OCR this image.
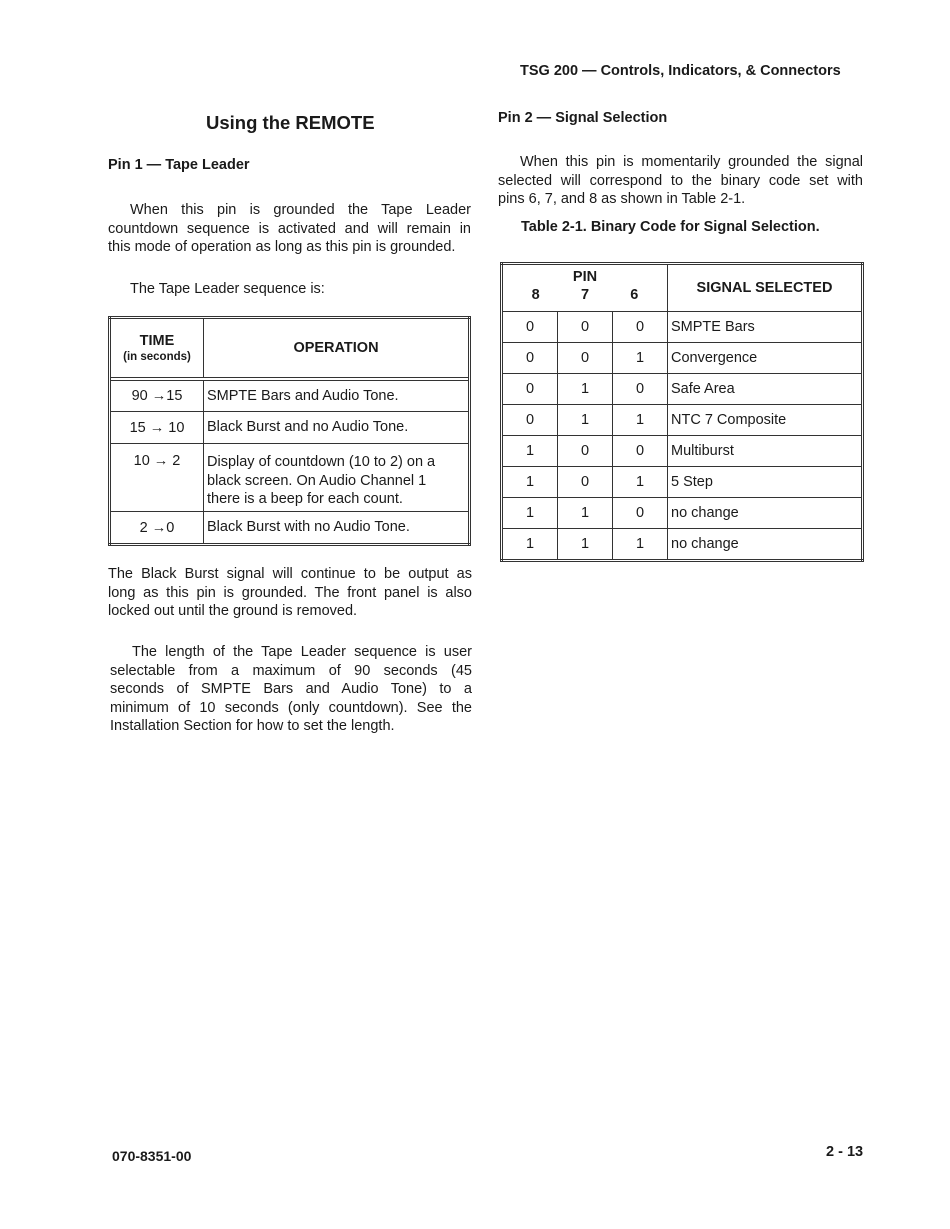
TSG 200 — Controls, Indicators, & Connectors
Using the REMOTE
Pin 1 — Tape Leader
When this pin is grounded the Tape Leader
countdown sequence is activated and will remain in
this mode of operation as long as this pin is grounded.
The Tape Leader sequence is:
TIME
(in seconds)	OPERATION

90 →15	SMPTE Bars and Audio Tone.
15 → 10	Black Burst and no Audio Tone.
10 → 2	Display of countdown (10 to 2) on a
black screen. On Audio Channel 1
there is a beep for each count.

2 →0	Black Burst with no Audio Tone.
The Black Burst signal will continue to be output as
long as this pin is grounded. The front panel is also
locked out until the ground is removed.
The length of the Tape Leader sequence is user
selectable from a maximum of 90 seconds (45
seconds of SMPTE Bars and Audio Tone) to a
minimum of 10 seconds (only countdown). See the
Installation Section for how to set the length.
Pin 2 — Signal Selection
When this pin is momentarily grounded the signal
selected will correspond to the binary code set with
pins 6, 7, and 8 as shown in Table 2-1.
Table 2-1. Binary Code for Signal Selection.
PIN
8 7 6			SIGNAL SELECTED
0	0	0	SMPTE Bars
0	0	1	Convergence
0	1	0	Safe Area
0	1	1	NTC 7 Composite
1	0	0	Multiburst
1	0	1	5 Step
1	1	0	no change
1	1	1	no change
070-8351-00	2 - 13
